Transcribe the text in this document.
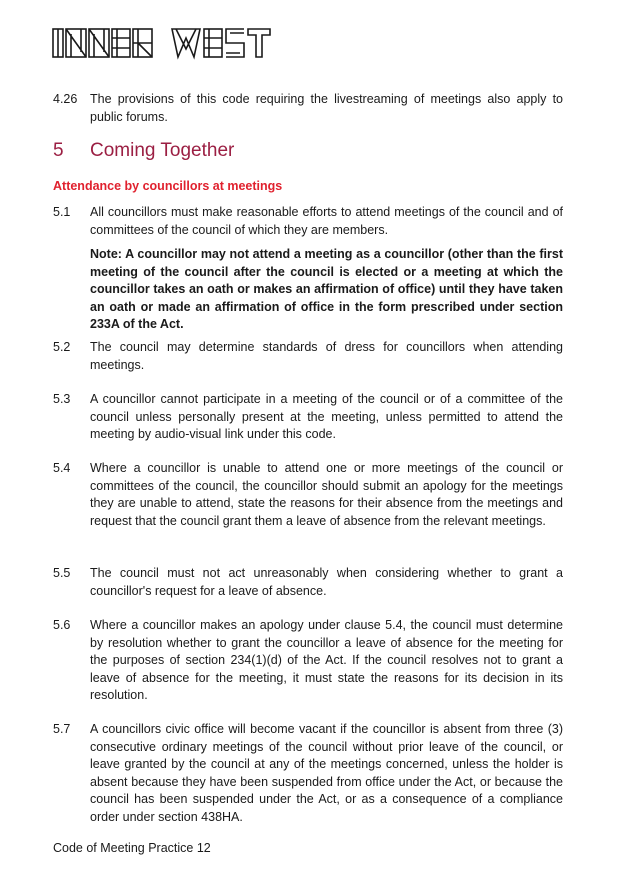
4.26	The provisions of this code requiring the livestreaming of meetings also apply to public forums.
5 Coming Together
Attendance by councillors at meetings
5.1	All councillors must make reasonable efforts to attend meetings of the council and of committees of the council of which they are members.
Note: A councillor may not attend a meeting as a councillor (other than the first meeting of the council after the council is elected or a meeting at which the councillor takes an oath or makes an affirmation of office) until they have taken an oath or made an affirmation of office in the form prescribed under section 233A of the Act.
5.2	The council may determine standards of dress for councillors when attending meetings.
5.3	A councillor cannot participate in a meeting of the council or of a committee of the council unless personally present at the meeting, unless permitted to attend the meeting by audio-visual link under this code.
5.4	Where a councillor is unable to attend one or more meetings of the council or committees of the council, the councillor should submit an apology for the meetings they are unable to attend, state the reasons for their absence from the meetings and request that the council grant them a leave of absence from the relevant meetings.
5.5	The council must not act unreasonably when considering whether to grant a councillor's request for a leave of absence.
5.6	Where a councillor makes an apology under clause 5.4, the council must determine by resolution whether to grant the councillor a leave of absence for the meeting for the purposes of section 234(1)(d) of the Act. If the council resolves not to grant a leave of absence for the meeting, it must state the reasons for its decision in its resolution.
5.7	A councillors civic office will become vacant if the councillor is absent from three (3) consecutive ordinary meetings of the council without prior leave of the council, or leave granted by the council at any of the meetings concerned, unless the holder is absent because they have been suspended from office under the Act, or because the council has been suspended under the Act, or as a consequence of a compliance order under section 438HA.
Code of Meeting Practice 12
